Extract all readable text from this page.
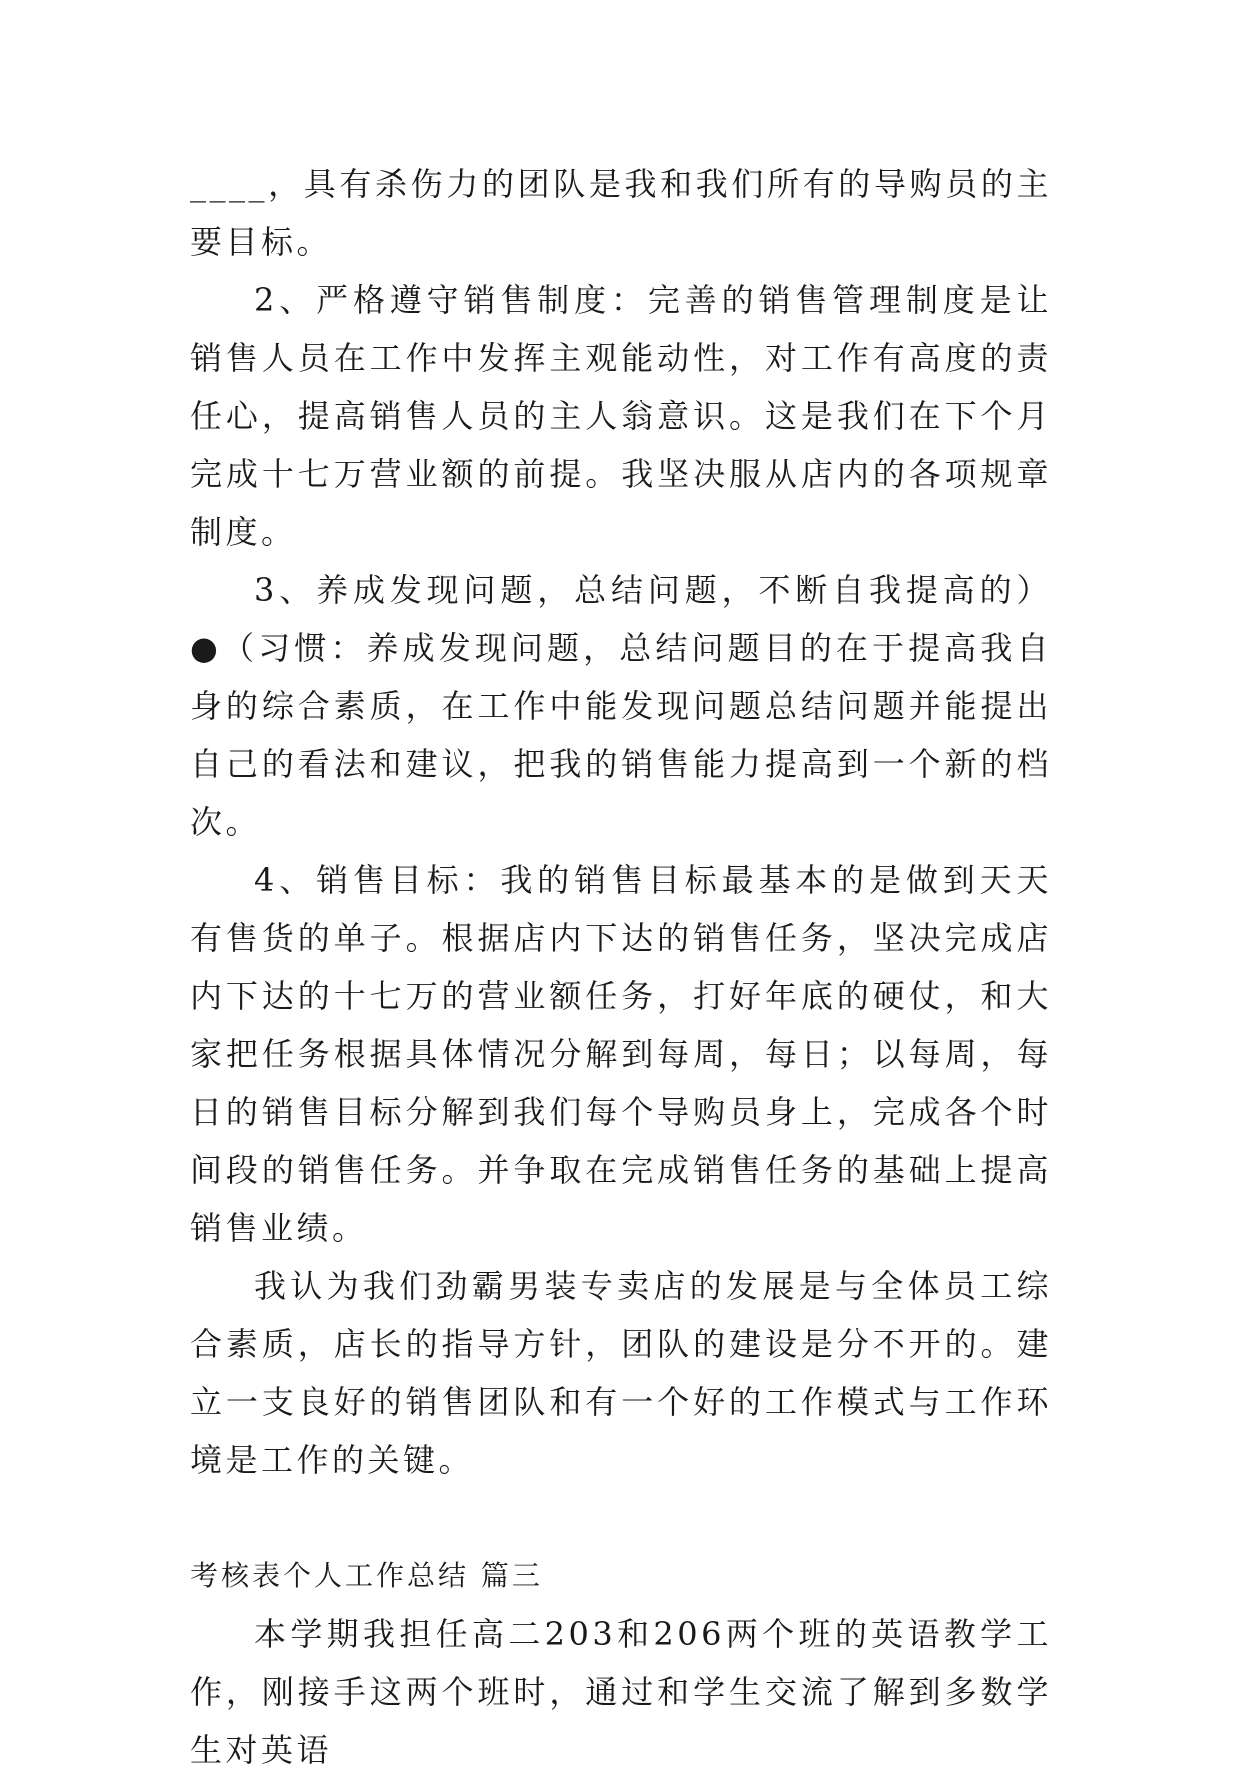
____，具有杀伤力的团队是我和我们所有的导购员的主要目标。

2、严格遵守销售制度：完善的销售管理制度是让销售人员在工作中发挥主观能动性，对工作有高度的责任心，提高销售人员的主人翁意识。这是我们在下个月完成十七万营业额的前提。我坚决服从店内的各项规章制度。

3、养成发现问题，总结问题，不断自我提高的）●（习惯：养成发现问题，总结问题目的在于提高我自身的综合素质，在工作中能发现问题总结问题并能提出自己的看法和建议，把我的销售能力提高到一个新的档次。

4、销售目标：我的销售目标最基本的是做到天天有售货的单子。根据店内下达的销售任务，坚决完成店内下达的十七万的营业额任务，打好年底的硬仗，和大家把任务根据具体情况分解到每周，每日；以每周，每日的销售目标分解到我们每个导购员身上，完成各个时间段的销售任务。并争取在完成销售任务的基础上提高销售业绩。

我认为我们劲霸男装专卖店的发展是与全体员工综合素质，店长的指导方针，团队的建设是分不开的。建立一支良好的销售团队和有一个好的工作模式与工作环境是工作的关键。

考核表个人工作总结 篇三

本学期我担任高二203和206两个班的英语教学工作，刚接手这两个班时，通过和学生交流了解到多数学生对英语
